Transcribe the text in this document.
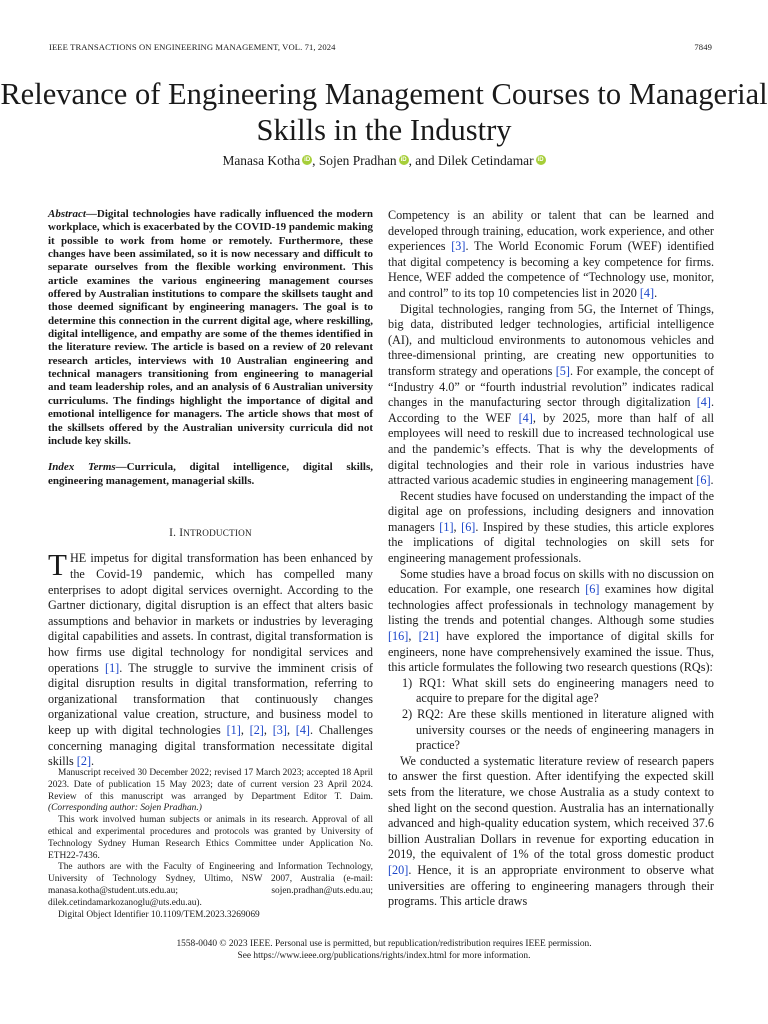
IEEE TRANSACTIONS ON ENGINEERING MANAGEMENT, VOL. 71, 2024	7849
Relevance of Engineering Management Courses to Managerial Skills in the Industry
Manasa Kotha iD , Sojen Pradhan iD , and Dilek Cetindamar iD

Abstract—Digital technologies have radically influenced the modern workplace, which is exacerbated by the COVID-19 pandemic making it possible to work from home or remotely. Furthermore, these changes have been assimilated, so it is now necessary and difficult to separate ourselves from the flexible working environment. This article examines the various engineering management courses offered by Australian institutions to compare the skillsets taught and those deemed significant by engineering managers. The goal is to determine this connection in the current digital age, where reskilling, digital intelligence, and empathy are some of the themes identified in the literature review. The article is based on a review of 20 relevant research articles, interviews with 10 Australian engineering and technical managers transitioning from engineering to managerial and team leadership roles, and an analysis of 6 Australian university curriculums. The findings highlight the importance of digital and emotional intelligence for managers. The article shows that most of the skillsets offered by the Australian university curricula did not include key skills.

Index Terms—Curricula, digital intelligence, digital skills, engineering management, managerial skills.

I. INTRODUCTION

THE impetus for digital transformation has been enhanced by the Covid-19 pandemic, which has compelled many enterprises to adopt digital services overnight. According to the Gartner dictionary, digital disruption is an effect that alters basic assumptions and behavior in markets or industries by leveraging digital capabilities and assets. In contrast, digital transformation is how firms use digital technology for nondigital services and operations [1]. The struggle to survive the imminent crisis of digital disruption results in digital transformation, referring to organizational transformation that continuously changes organizational value creation, structure, and business model to keep up with digital technologies [1], [2], [3], [4]. Challenges concerning managing digital transformation necessitate digital skills [2].

Manuscript received 30 December 2022; revised 17 March 2023; accepted 18 April 2023. Date of publication 15 May 2023; date of current version 23 April 2024. Review of this manuscript was arranged by Department Editor T. Daim. (Corresponding author: Sojen Pradhan.)

This work involved human subjects or animals in its research. Approval of all ethical and experimental procedures and protocols was granted by University of Technology Sydney Human Research Ethics Committee under Application No. ETH22-7436.

The authors are with the Faculty of Engineering and Information Technology, University of Technology Sydney, Ultimo, NSW 2007, Australia (e-mail: manasa.kotha@student.uts.edu.au; sojen.pradhan@uts.edu.au; dilek.cetindamarkozanoglu@uts.edu.au).

Digital Object Identifier 10.1109/TEM.2023.3269069

Competency is an ability or talent that can be learned and developed through training, education, work experience, and other experiences [3]. The World Economic Forum (WEF) identified that digital competency is becoming a key competence for firms. Hence, WEF added the competence of “Technology use, monitor, and control” to its top 10 competencies list in 2020 [4].

Digital technologies, ranging from 5G, the Internet of Things, big data, distributed ledger technologies, artificial intelligence (AI), and multicloud environments to autonomous vehicles and three-dimensional printing, are creating new opportunities to transform strategy and operations [5]. For example, the concept of “Industry 4.0” or “fourth industrial revolution” indicates radical changes in the manufacturing sector through digitalization [4]. According to the WEF [4], by 2025, more than half of all employees will need to reskill due to increased technological use and the pandemic’s effects. That is why the developments of digital technologies and their role in various industries have attracted various academic studies in engineering management [6].

Recent studies have focused on understanding the impact of the digital age on professions, including designers and innovation managers [1], [6]. Inspired by these studies, this article explores the implications of digital technologies on skill sets for engineering management professionals.

Some studies have a broad focus on skills with no discussion on education. For example, one research [6] examines how digital technologies affect professionals in technology management by listing the trends and potential changes. Although some studies [16], [21] have explored the importance of digital skills for engineers, none have comprehensively examined the issue. Thus, this article formulates the following two research questions (RQs):

1) RQ1: What skill sets do engineering managers need to acquire to prepare for the digital age?

2) RQ2: Are these skills mentioned in literature aligned with university courses or the needs of engineering managers in practice?

We conducted a systematic literature review of research papers to answer the first question. After identifying the expected skill sets from the literature, we chose Australia as a study context to shed light on the second question. Australia has an internationally advanced and high-quality education system, which received 37.6 billion Australian Dollars in revenue for exporting education in 2019, the equivalent of 1% of the total gross domestic product [20]. Hence, it is an appropriate environment to observe what universities are offering to engineering managers through their programs. This article draws

1558-0040 © 2023 IEEE. Personal use is permitted, but republication/redistribution requires IEEE permission.
See https://www.ieee.org/publications/rights/index.html for more information.
